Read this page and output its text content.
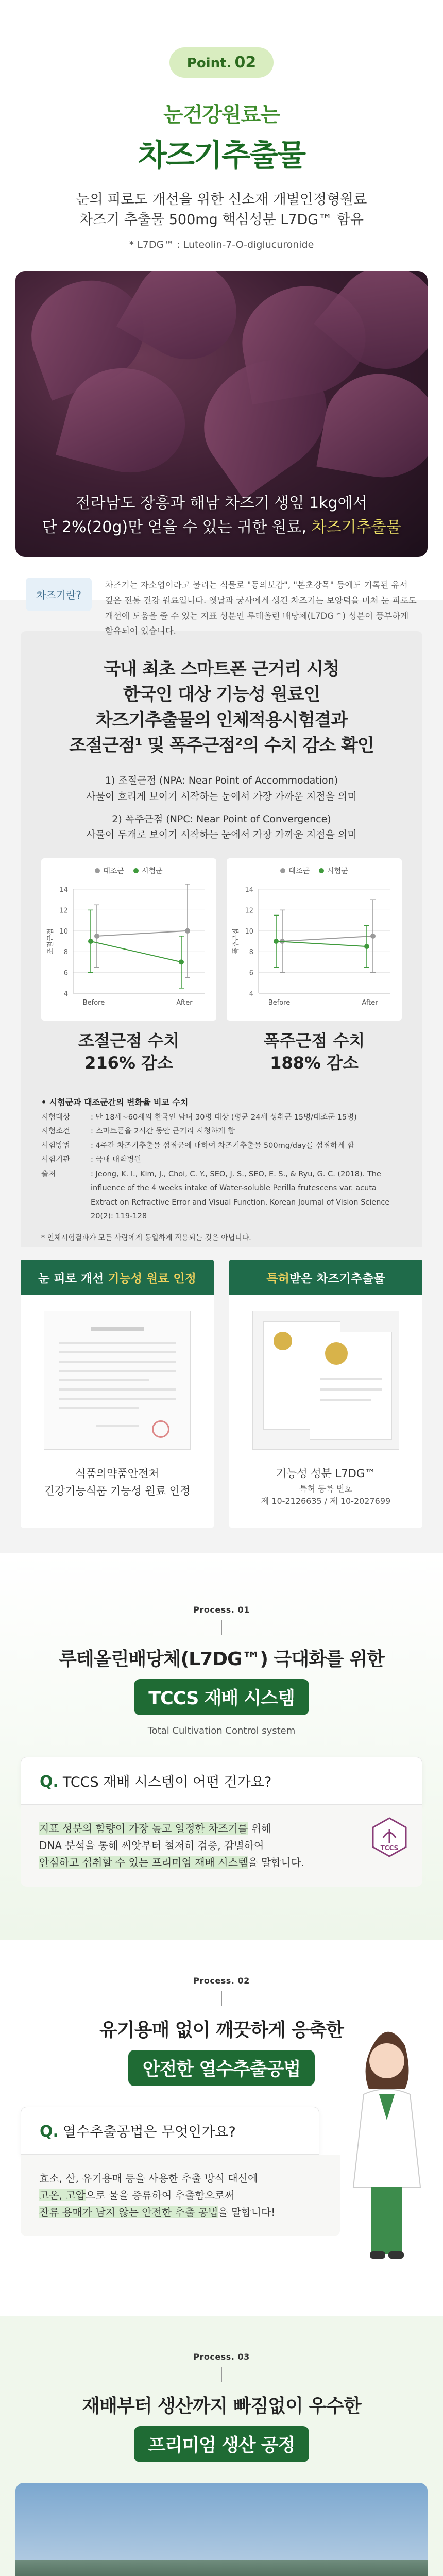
Point. 02
눈건강원료는
차즈기추출물
눈의 피로도 개선을 위한 신소재 개별인정형원료
차즈기 추출물 500mg 핵심성분 L7DG™ 함유
* L7DG™ : Luteolin-7-O-diglucuronide
전라남도 장흥과 해남 차즈기 생잎 1kg에서
단 2%(20g)만 얻을 수 있는 귀한 원료, 차즈기추출물
차즈기란?
차즈기는 자소엽이라고 불리는 식물로 "동의보감", "본초강목" 등에도 기록된 유서 깊은 전통 건강 원료입니다. 옛날과 궁사에게 생긴 차즈기는 보양덕을 미쳐 눈 피로도 개선에 도움을 줄 수 있는 지표 성분인 루테올린 배당체(L7DG™) 성분이 풍부하게 함유되어 있습니다.
국내 최초 스마트폰 근거리 시청
한국인 대상 기능성 원료인
차즈기추출물의 인체적용시험결과
조절근점¹ 및 폭주근점²의 수치 감소 확인
1) 조절근점 (NPA: Near Point of Accommodation)
사물이 흐리게 보이기 시작하는 눈에서 가장 가까운 지점을 의미
2) 폭주근점 (NPC: Near Point of Convergence)
사물이 두개로 보이기 시작하는 눈에서 가장 가까운 지점을 의미
대조군 시험군
4
6
8
10
12
14
조절근점
Before	After
조절근점 수치
216% 감소
대조군 시험군
4
6
8
10
12
14
폭주근점
Before	After
폭주근점 수치
188% 감소
• 시험군과 대조군간의 변화율 비교 수치
시험대상	: 만 18세~60세의 한국인 남녀 30명 대상 (평균 24세 성취군 15명/대조군 15명)
시험조건	: 스마트폰을 2시간 동안 근거리 시청하게 함
시험방법	: 4주간 차즈기추출물 섭취군에 대하여 차즈기추출물 500mg/day를 섭취하게 함
시험기관	: 국내 대학병원
출처	: Jeong, K. I., Kim, J., Choi, C. Y., SEO, J. S., SEO, E. S., & Ryu, G. C. (2018). The influence of the 4 weeks intake of Water-soluble Perilla frutescens var. acuta Extract on Refractive Error and Visual Function. Korean Journal of Vision Science 20(2): 119-128
* 인체시험결과가 모든 사람에게 동일하게 적용되는 것은 아닙니다.
눈 피로 개선 기능성 원료 인정
식품의약품안전처
건강기능식품 기능성 원료 인정
특허받은 차즈기추출물
기능성 성분 L7DG™
특허 등록 번호
제 10-2126635 / 제 10-2027699
Process. 01
루테올린배당체(L7DG™) 극대화를 위한
TCCS 재배 시스템
Total Cultivation Control system
Q. TCCS 재배 시스템이 어떤 건가요?
TCCS
지표 성분의 함량이 가장 높고 일정한 차즈기를 위해
DNA 분석을 통해 씨앗부터 철저히 검증, 감별하여
안심하고 섭취할 수 있는 프리미엄 재배 시스템을 말합니다.
Process. 02
유기용매 없이 깨끗하게 응축한
안전한 열수추출공법
Q. 열수추출공법은 무엇인가요?
효소, 산, 유기용매 등을 사용한 추출 방식 대신에
고온, 고압으로 물을 증류하여 추출함으로써
잔류 용매가 남지 않는 안전한 추출 공법을 말합니다!
Process. 03
재배부터 생산까지 빠짐없이 우수한
프리미엄 생산 공정
